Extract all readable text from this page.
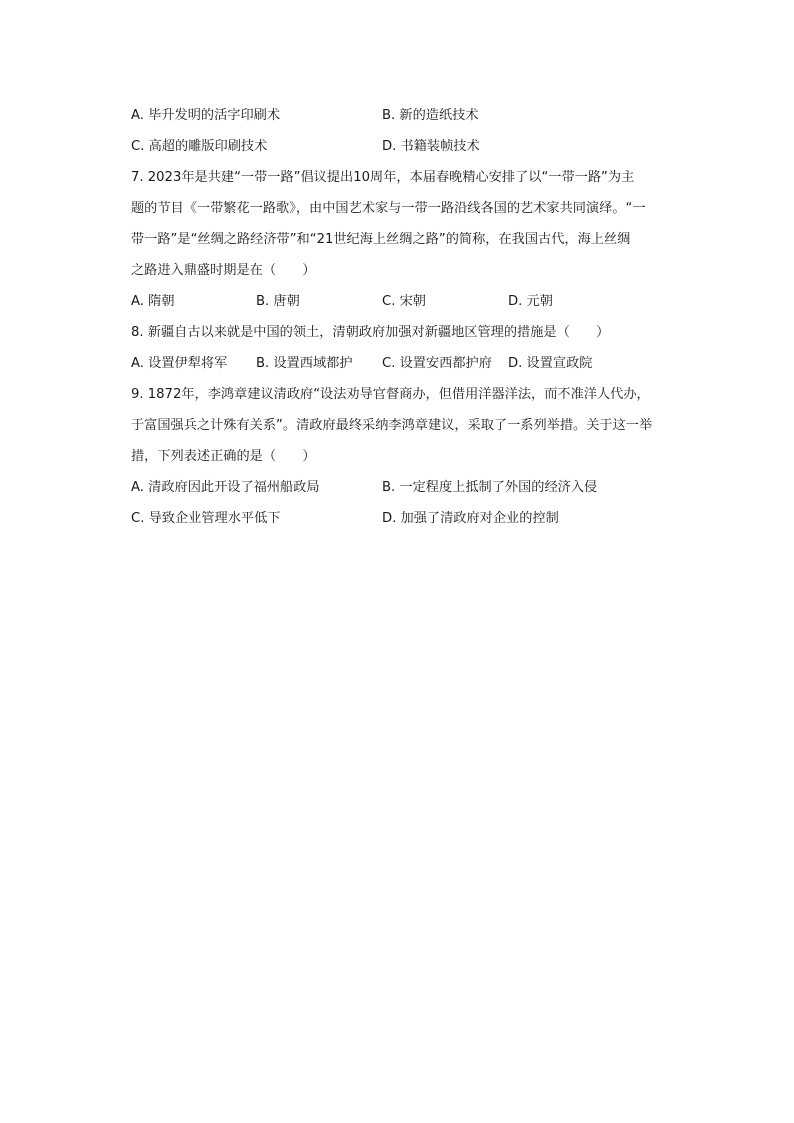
A. 毕升发明的活字印刷术	B. 新的造纸技术
C. 高超的雕版印刷技术	D. 书籍装帧技术
7. 2023年是共建“一带一路”倡议提出10周年，本届春晚精心安排了以“一带一路”为主
题的节目《一带繁花一路歌》，由中国艺术家与一带一路沿线各国的艺术家共同演绎。“一
带一路”是“丝绸之路经济带”和“21世纪海上丝绸之路”的简称，在我国古代，海上丝绸
之路进入鼎盛时期是在（　　）
A. 隋朝	B. 唐朝	C. 宋朝	D. 元朝
8. 新疆自古以来就是中国的领土，清朝政府加强对新疆地区管理的措施是（　　）
A. 设置伊犁将军 B. 设置西域都护 C. 设置安西都护府 D. 设置宣政院
9. 1872年，李鸿章建议清政府“设法劝导官督商办，但借用洋器洋法，而不准洋人代办，
于富国强兵之计殊有关系”。清政府最终采纳李鸿章建议，采取了一系列举措。关于这一举
措，下列表述正确的是（　　）
A. 清政府因此开设了福州船政局	B. 一定程度上抵制了外国的经济入侵
C. 导致企业管理水平低下	D. 加强了清政府对企业的控制
